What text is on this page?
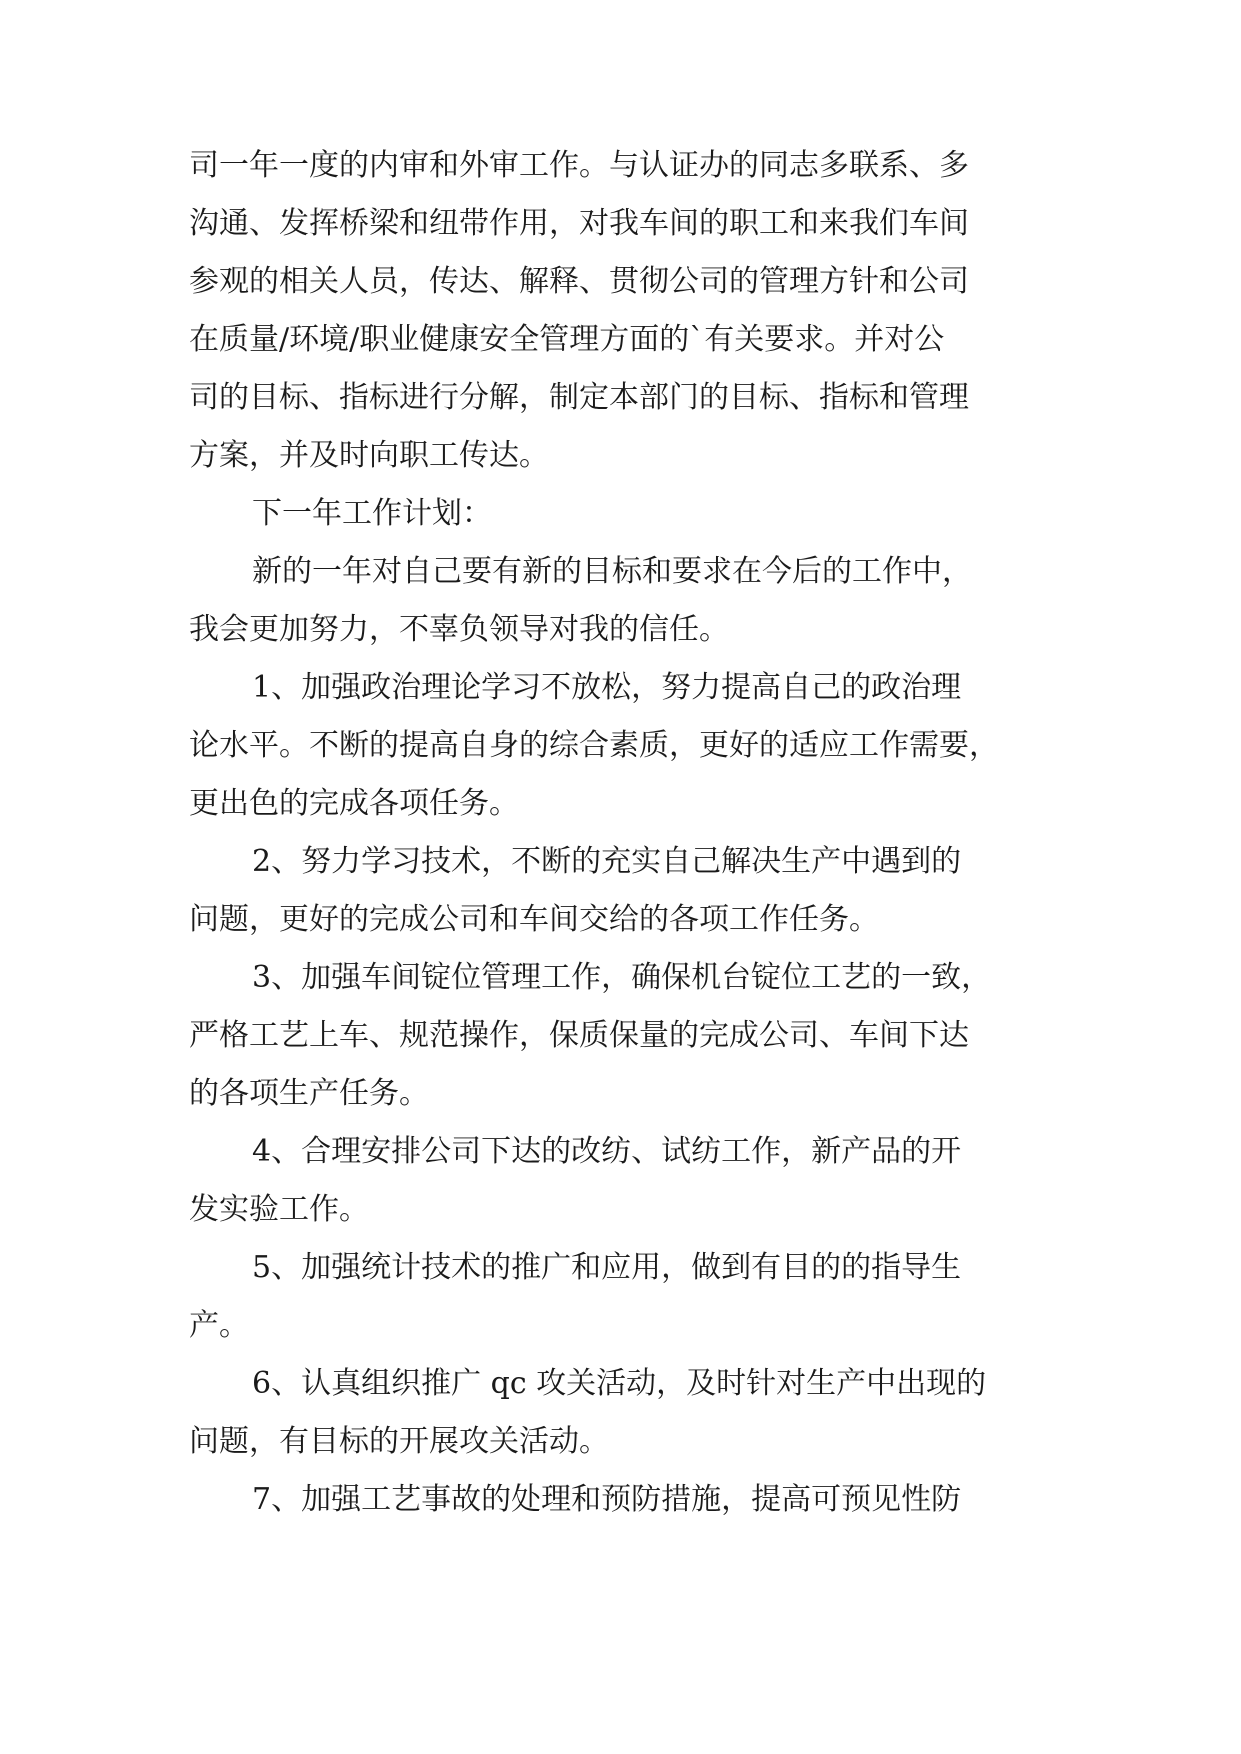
司一年一度的内审和外审工作。与认证办的同志多联系、多
沟通、发挥桥梁和纽带作用，对我车间的职工和来我们车间
参观的相关人员，传达、解释、贯彻公司的管理方针和公司
在质量/环境/职业健康安全管理方面的`有关要求。并对公
司的目标、指标进行分解，制定本部门的目标、指标和管理
方案，并及时向职工传达。
下一年工作计划：
新的一年对自己要有新的目标和要求在今后的工作中，
我会更加努力，不辜负领导对我的信任。
1、加强政治理论学习不放松，努力提高自己的政治理
论水平。不断的提高自身的综合素质，更好的适应工作需要，
更出色的完成各项任务。
2、努力学习技术，不断的充实自己解决生产中遇到的
问题，更好的完成公司和车间交给的各项工作任务。
3、加强车间锭位管理工作，确保机台锭位工艺的一致，
严格工艺上车、规范操作，保质保量的完成公司、车间下达
的各项生产任务。
4、合理安排公司下达的改纺、试纺工作，新产品的开
发实验工作。
5、加强统计技术的推广和应用，做到有目的的指导生
产。
6、认真组织推广 qc 攻关活动，及时针对生产中出现的
问题，有目标的开展攻关活动。
7、加强工艺事故的处理和预防措施，提高可预见性防
